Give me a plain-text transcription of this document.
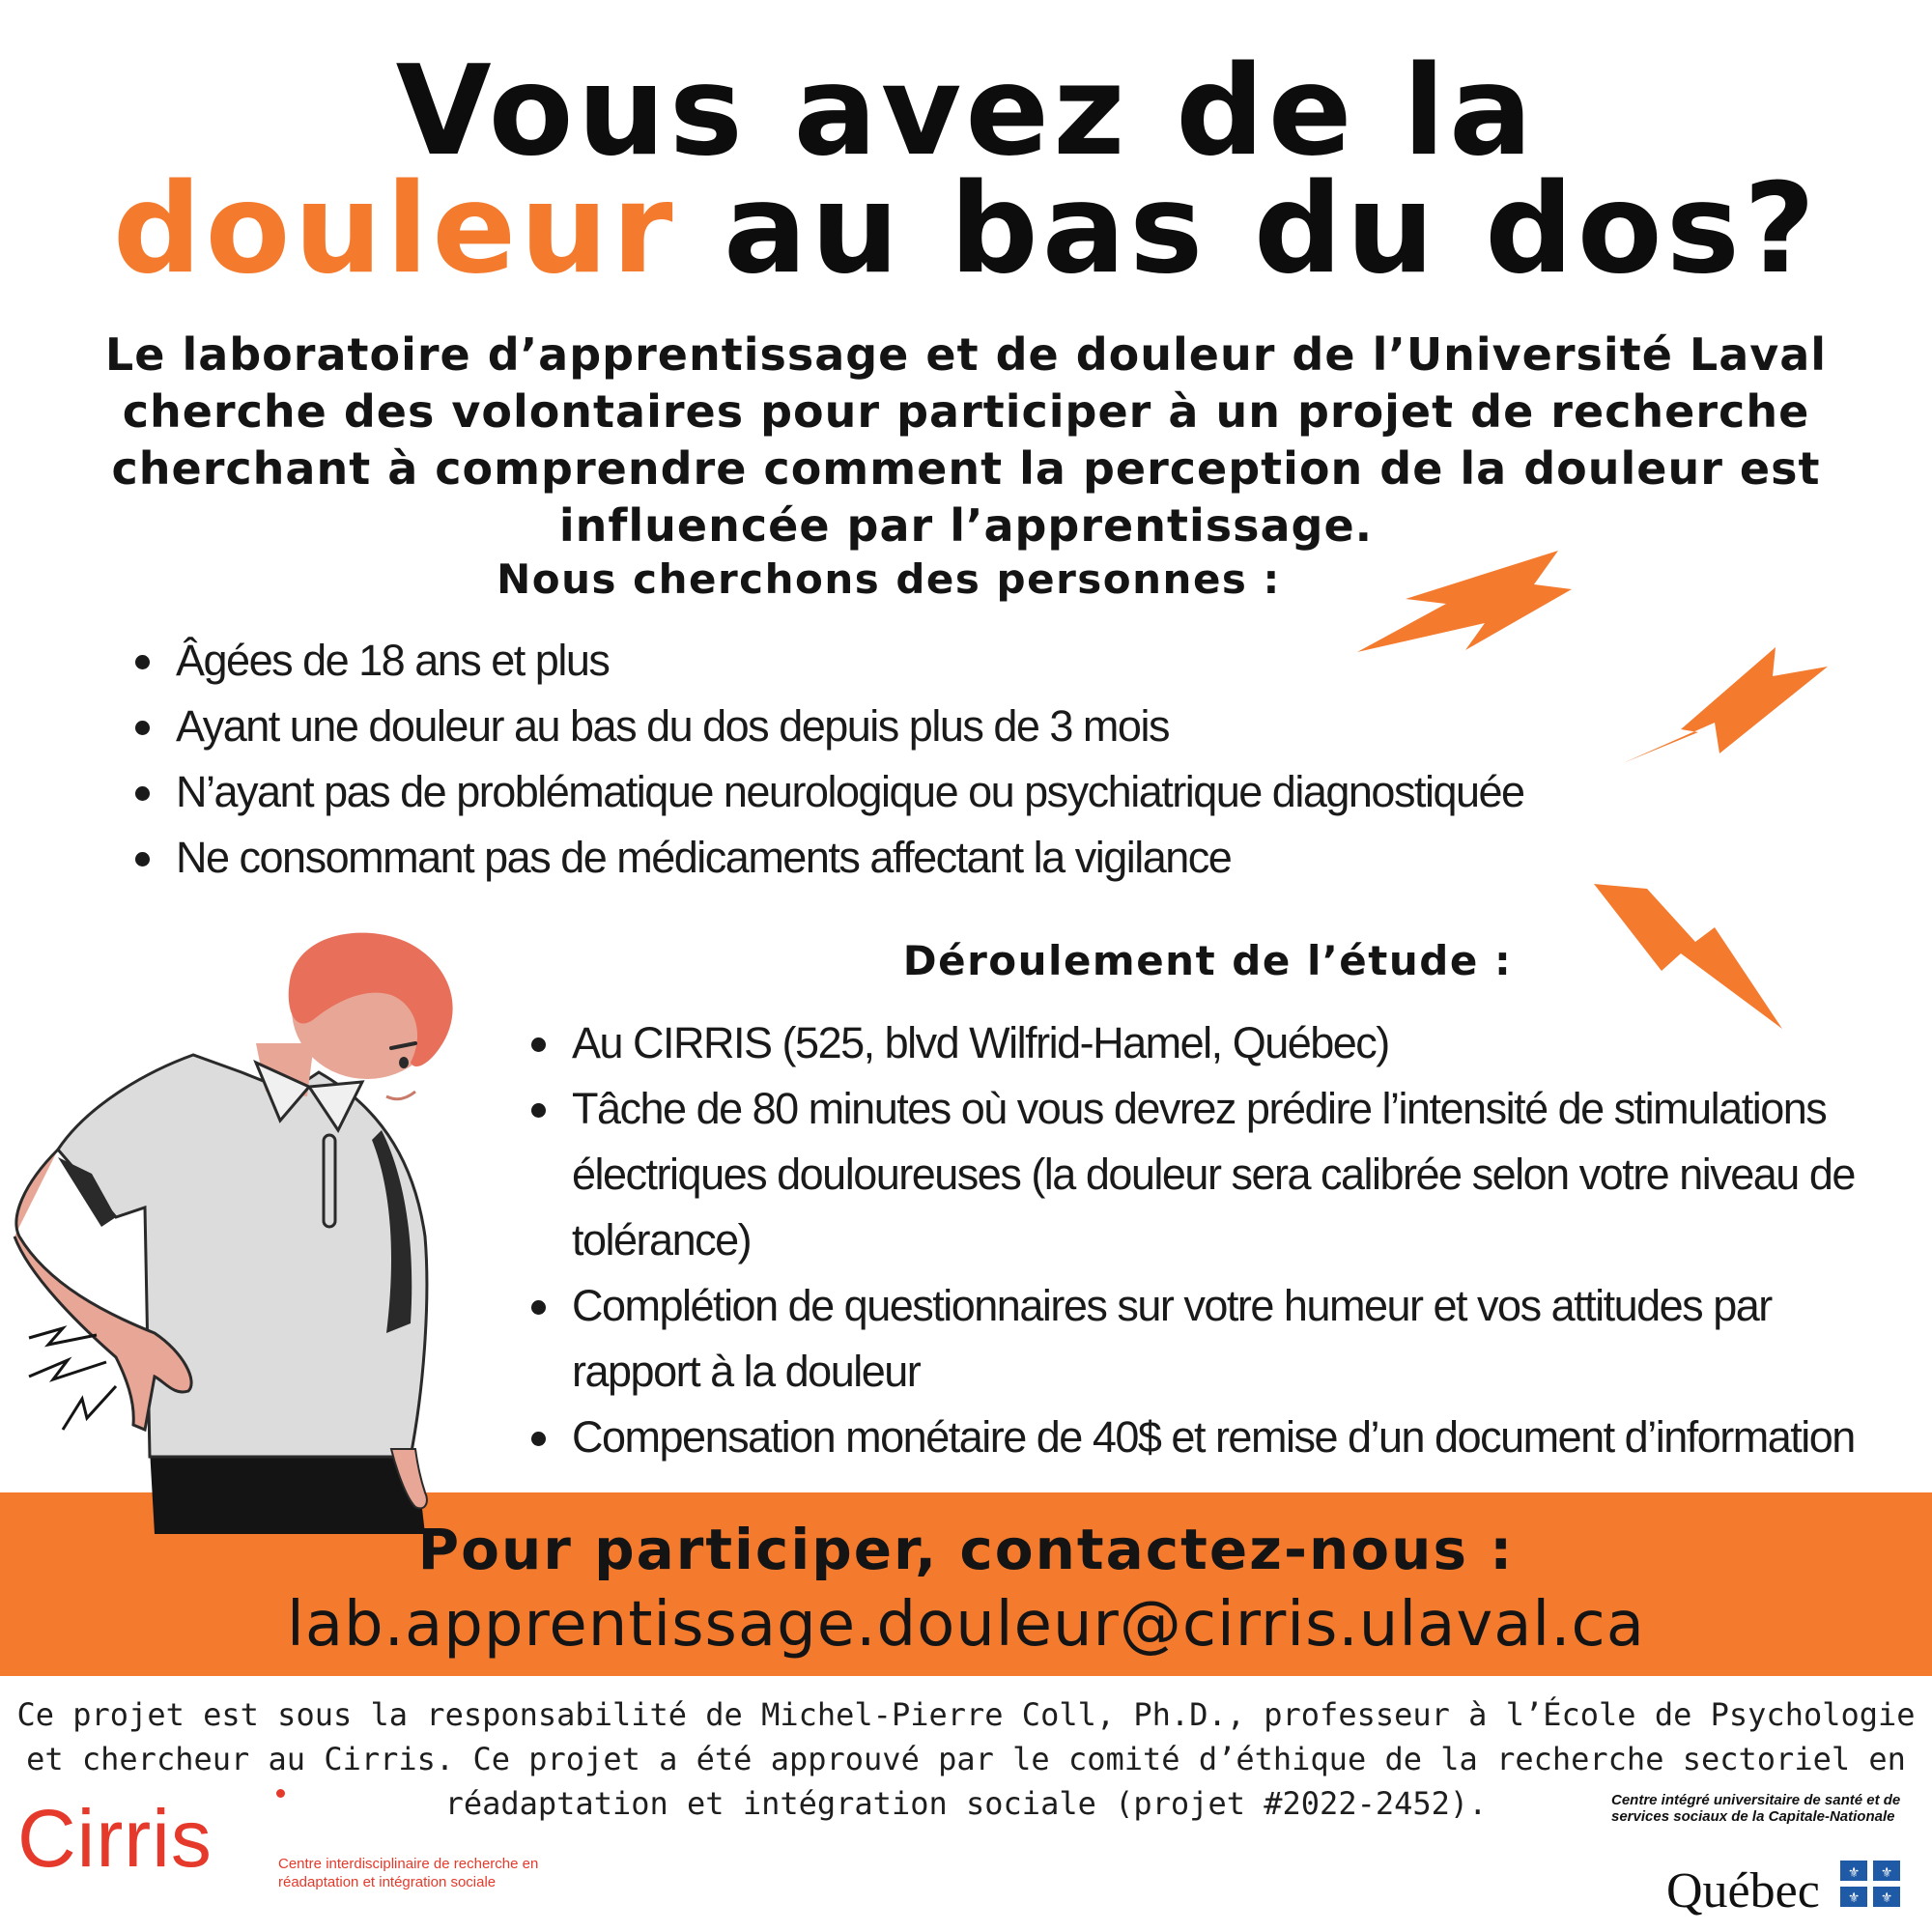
Vous avez de la
douleur au bas du dos?
Le laboratoire d’apprentissage et de douleur de l’Université Laval cherche des volontaires pour participer à un projet de recherche cherchant à comprendre comment la perception de la douleur est influencée par l’apprentissage.
Nous cherchons des personnes :
Âgées de 18 ans et plus
Ayant une douleur au bas du dos depuis plus de 3 mois
N’ayant pas de problématique neurologique ou psychiatrique diagnostiquée
Ne consommant pas de médicaments affectant la vigilance
Déroulement de l’étude :
Au CIRRIS (525, blvd Wilfrid-Hamel, Québec)
Tâche de 80 minutes où vous devrez prédire l’intensité de stimulations électriques douloureuses (la douleur sera calibrée selon votre niveau de tolérance)
Complétion de questionnaires sur votre humeur et vos attitudes par rapport à la douleur
Compensation monétaire de 40$ et remise d’un document d’information
Pour participer, contactez-nous :
lab.apprentissage.douleur@cirris.ulaval.ca
Ce projet est sous la responsabilité de Michel-Pierre Coll, Ph.D., professeur à l’École de Psychologie et chercheur au Cirris. Ce projet a été approuvé par le comité d’éthique de la recherche sectoriel en réadaptation et intégration sociale (projet #2022-2452).
Cirris	Centre interdisciplinaire de recherche en réadaptation et intégration sociale
Centre intégré universitaire de santé et de services sociaux de la Capitale-Nationale
Québec ⚜ ⚜
⚜ ⚜
